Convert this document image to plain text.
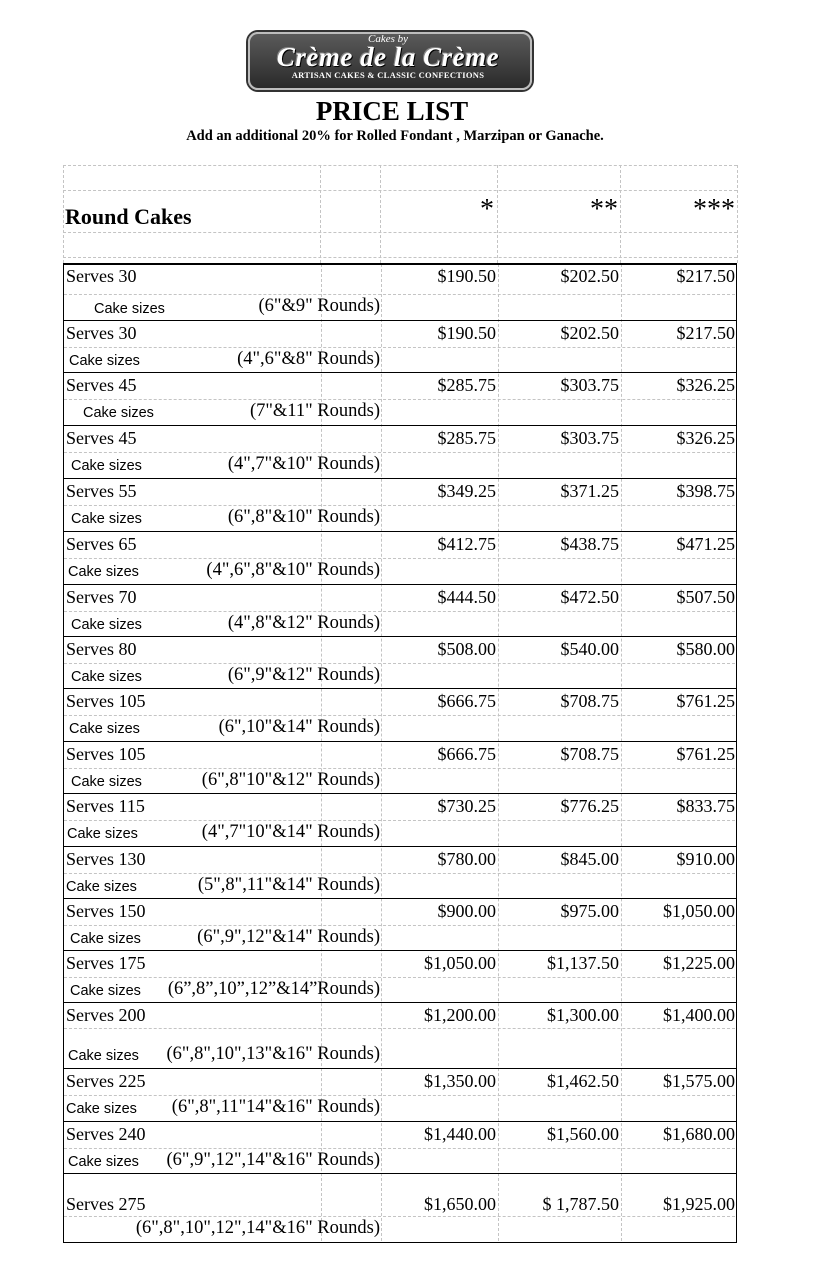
Cakes by
Crème de la Crème
ARTISAN CAKES & CLASSIC CONFECTIONS
PRICE LIST
Add an additional 20% for Rolled Fondant , Marzipan or Ganache.
Round Cakes	*	**	***
Serves 30	$190.50	$202.50	$217.50
Cake sizes	(6"&9" Rounds)
Serves 30	$190.50	$202.50	$217.50
Cake sizes	(4",6"&8" Rounds)
Serves 45	$285.75	$303.75	$326.25
Cake sizes	(7"&11" Rounds)
Serves 45	$285.75	$303.75	$326.25
Cake sizes	(4",7"&10" Rounds)
Serves 55	$349.25	$371.25	$398.75
Cake sizes	(6",8"&10" Rounds)
Serves 65	$412.75	$438.75	$471.25
Cake sizes	(4",6",8"&10" Rounds)
Serves 70	$444.50	$472.50	$507.50
Cake sizes	(4",8"&12" Rounds)
Serves 80	$508.00	$540.00	$580.00
Cake sizes	(6",9"&12" Rounds)
Serves 105	$666.75	$708.75	$761.25
Cake sizes	(6",10"&14" Rounds)
Serves 105	$666.75	$708.75	$761.25
Cake sizes	(6",8"10"&12" Rounds)
Serves 115	$730.25	$776.25	$833.75
Cake sizes	(4",7"10"&14" Rounds)
Serves 130	$780.00	$845.00	$910.00
Cake sizes	(5",8",11"&14" Rounds)
Serves 150	$900.00	$975.00 $1,050.00
Cake sizes	(6",9",12"&14" Rounds)
Serves 175	$1,050.00	$1,137.50 $1,225.00
Cake sizes (6”,8”,10”,12”&14”Rounds)
Serves 200	$1,200.00	$1,300.00 $1,400.00
Cake sizes (6",8",10",13"&16" Rounds)
Serves 225	$1,350.00	$1,462.50 $1,575.00
Cake sizes (6",8",11"14"&16" Rounds)
Serves 240	$1,440.00	$1,560.00 $1,680.00
Cake sizes (6",9",12",14"&16" Rounds)
Serves 275	$1,650.00	$ 1,787.50 $1,925.00
(6",8",10",12",14"&16" Rounds)
